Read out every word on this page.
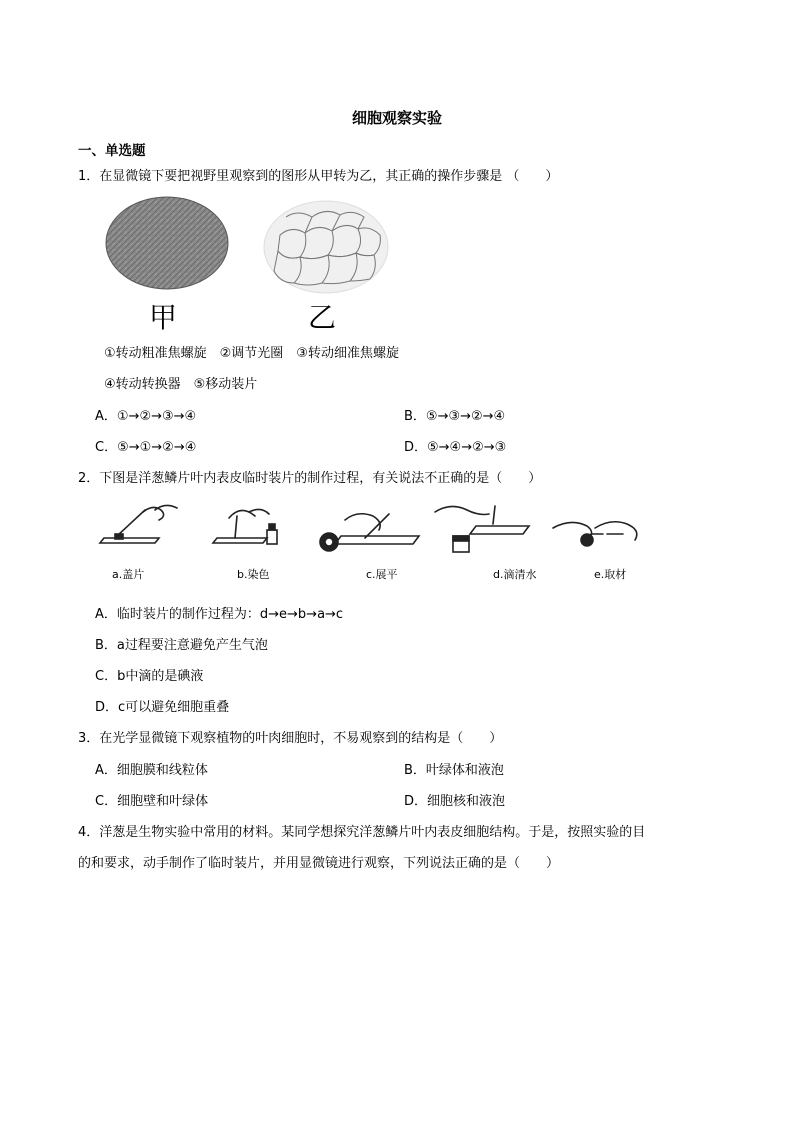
细胞观察实验
一、单选题
1．在显微镜下要把视野里观察到的图形从甲转为乙，其正确的操作步骤是 （　　）
甲	乙
①转动粗准焦螺旋　②调节光圈　③转动细准焦螺旋
④转动转换器　⑤移动装片
A．①→②→③→④	B．⑤→③→②→④
C．⑤→①→②→④	D．⑤→④→②→③
2．下图是洋葱鳞片叶内表皮临时装片的制作过程，有关说法不正确的是（　　）
a.盖片	b.染色	c.展平	d.滴清水	e.取材
A．临时装片的制作过程为：d→e→b→a→c
B．a过程要注意避免产生气泡
C．b中滴的是碘液
D．c可以避免细胞重叠
3．在光学显微镜下观察植物的叶肉细胞时，不易观察到的结构是（　　）
A．细胞膜和线粒体	B．叶绿体和液泡
C．细胞壁和叶绿体	D．细胞核和液泡
4．洋葱是生物实验中常用的材料。某同学想探究洋葱鳞片叶内表皮细胞结构。于是，按照实验的目
的和要求，动手制作了临时装片，并用显微镜进行观察，下列说法正确的是（　　）
